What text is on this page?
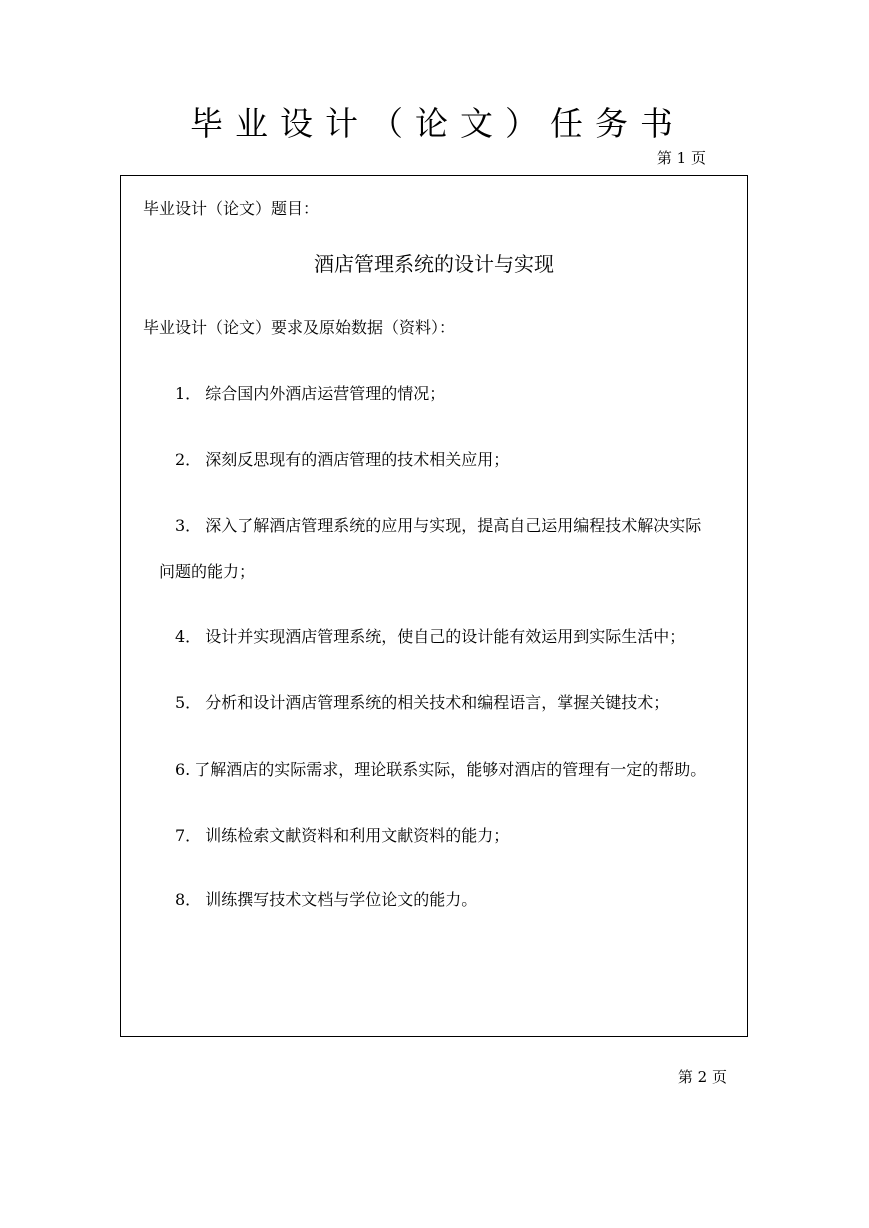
毕业设计（论文）任务书
第 1 页
毕业设计（论文）题目：
酒店管理系统的设计与实现
毕业设计（论文）要求及原始数据（资料）：
1． 综合国内外酒店运营管理的情况；
2． 深刻反思现有的酒店管理的技术相关应用；
3． 深入了解酒店管理系统的应用与实现，提高自己运用编程技术解决实际
问题的能力；
4． 设计并实现酒店管理系统，使自己的设计能有效运用到实际生活中；
5． 分析和设计酒店管理系统的相关技术和编程语言，掌握关键技术；
6. 了解酒店的实际需求，理论联系实际，能够对酒店的管理有一定的帮助。
7． 训练检索文献资料和利用文献资料的能力；
8． 训练撰写技术文档与学位论文的能力。
第 2 页
